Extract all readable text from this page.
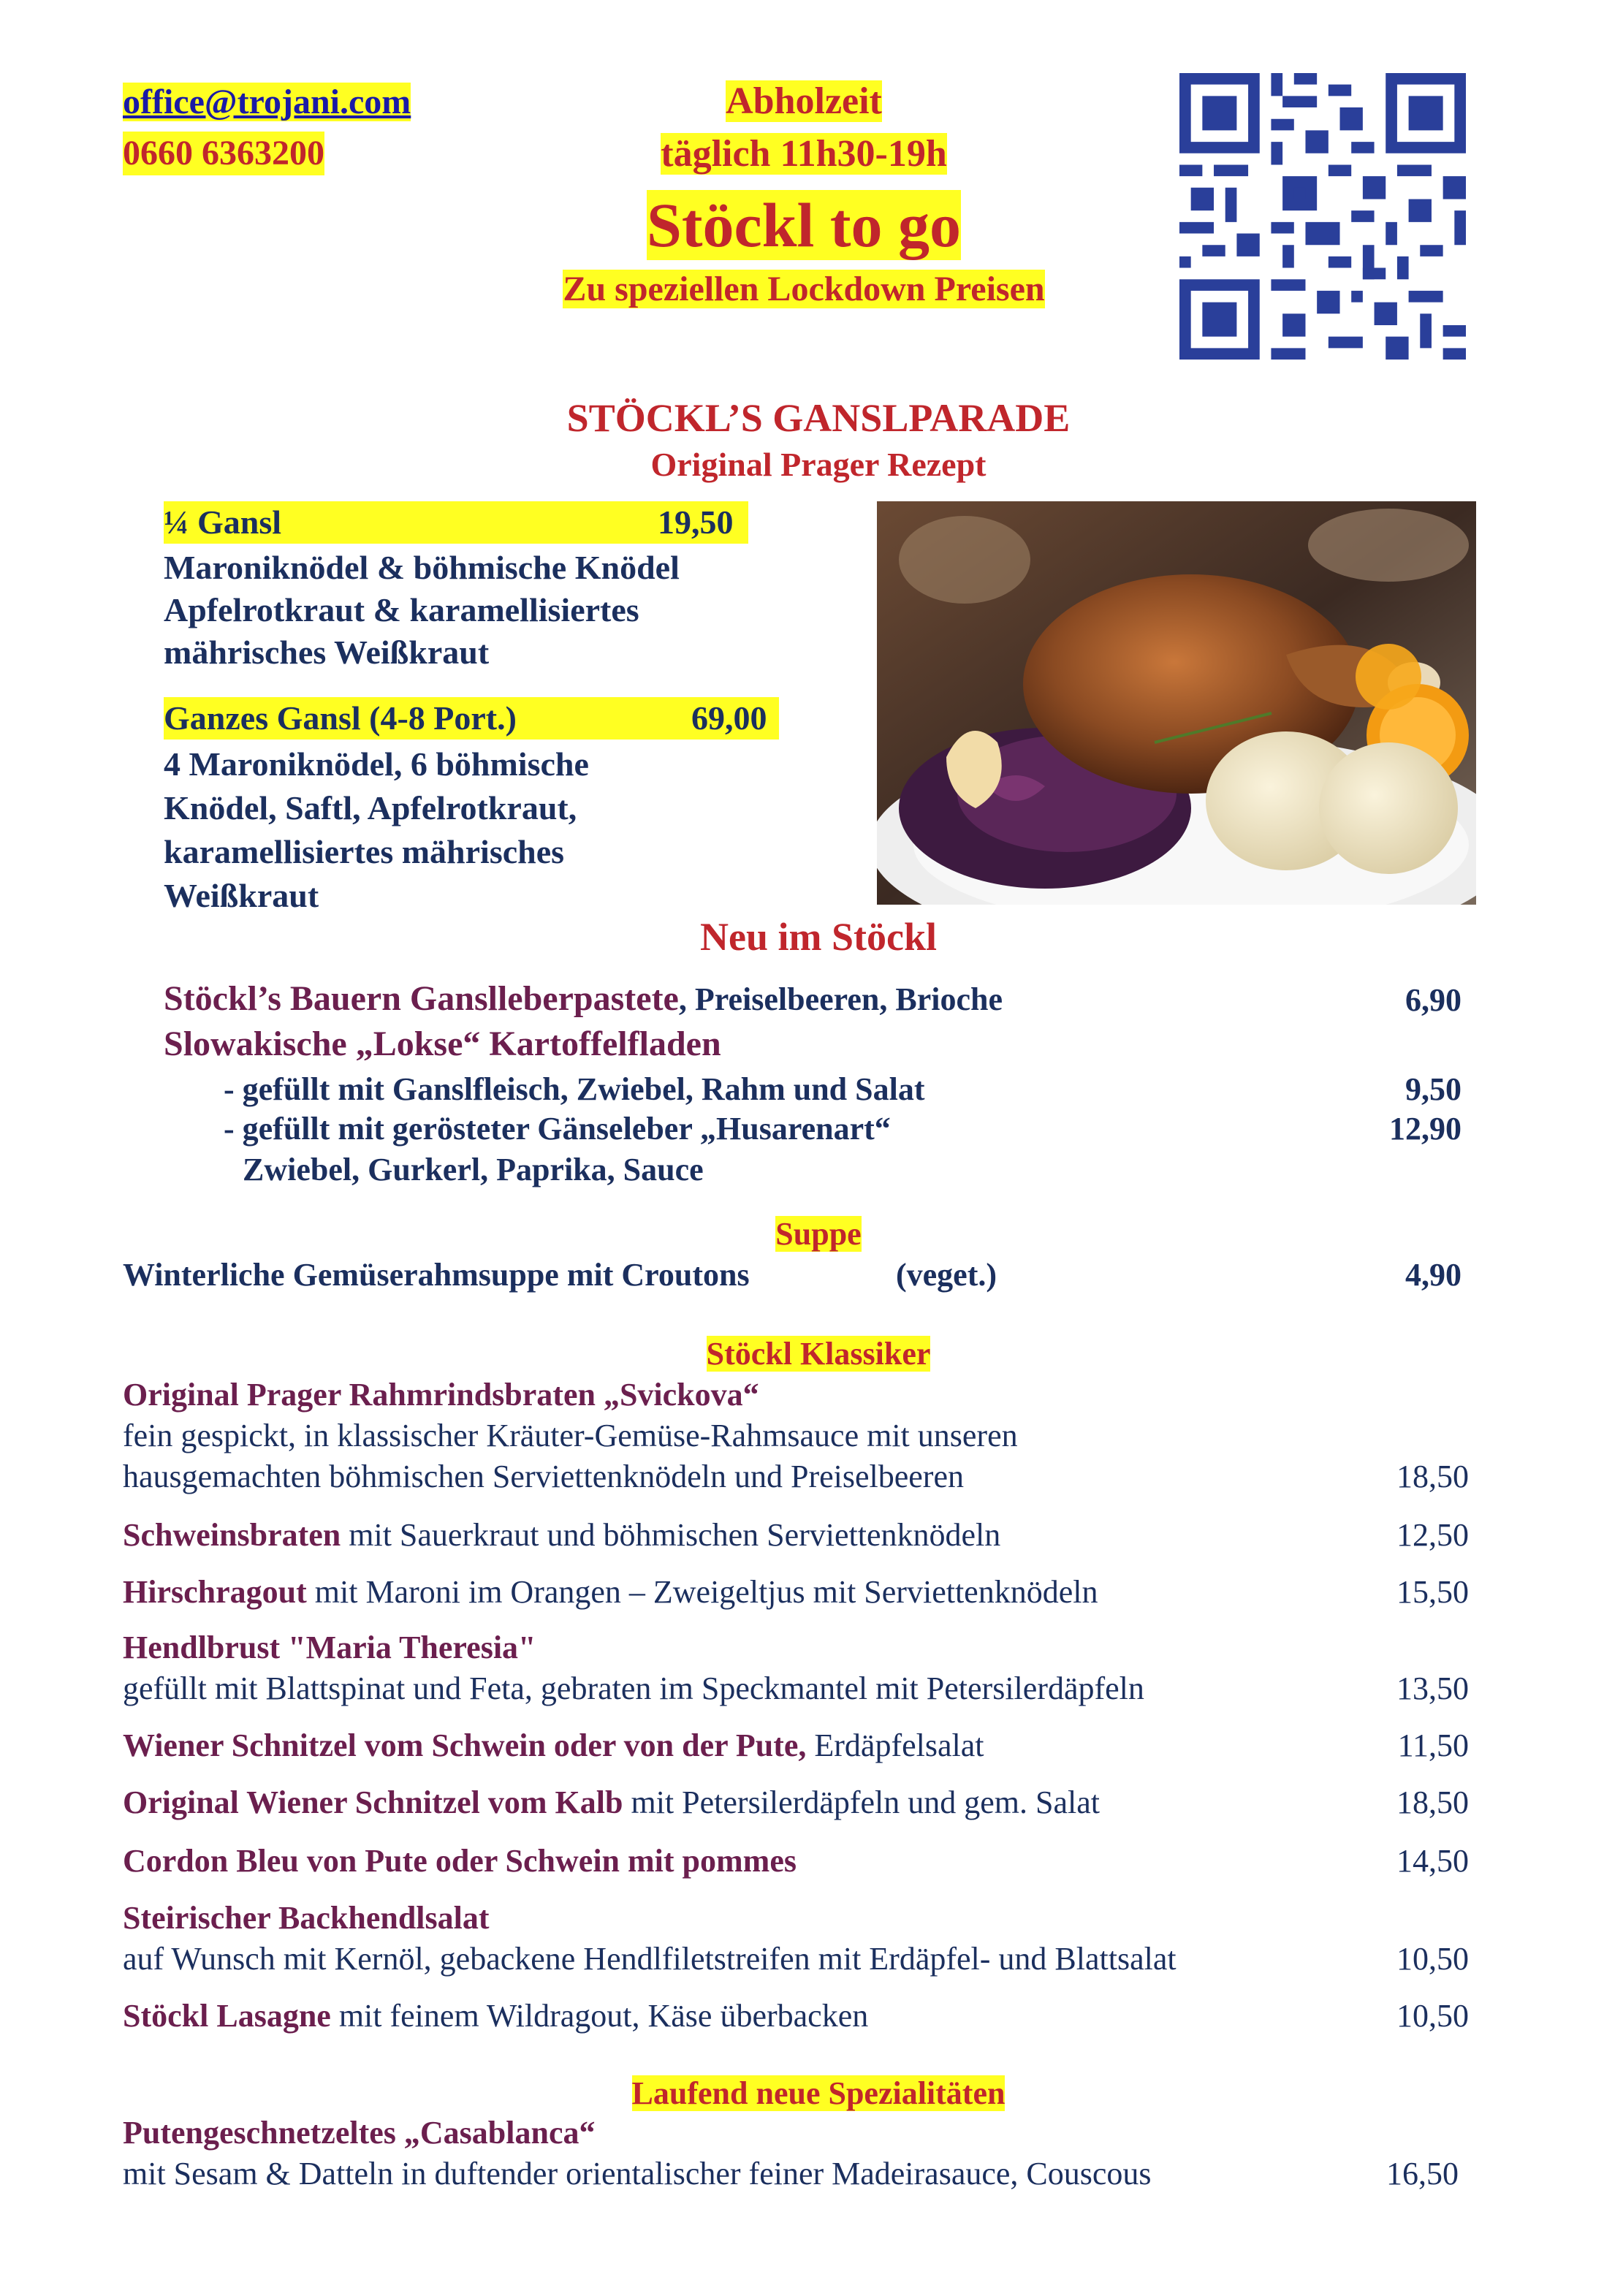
office@trojani.com
0660 6363200
Abholzeit
täglich 11h30-19h
Stöckl to go
Zu speziellen Lockdown Preisen
STÖCKL’S GANSLPARADE
Original Prager Rezept
¼ Gansl	19,50
Maroniknödel & böhmische Knödel
Apfelrotkraut & karamellisiertes
mährisches Weißkraut
Ganzes Gansl (4-8 Port.)	69,00
4 Maroniknödel, 6 böhmische
Knödel, Saftl, Apfelrotkraut,
karamellisiertes mährisches
Weißkraut
Neu im Stöckl
Stöckl’s Bauern Ganslleberpastete, Preiselbeeren, Brioche	6,90
Slowakische „Lokse“ Kartoffelfladen
- gefüllt mit Ganslfleisch, Zwiebel, Rahm und Salat	9,50
- gefüllt mit gerösteter Gänseleber „Husarenart“	12,90
Zwiebel, Gurkerl, Paprika, Sauce
Suppe
Winterliche Gemüserahmsuppe mit Croutons	(veget.)	4,90
Stöckl Klassiker
Original Prager Rahmrindsbraten „Svickova“
fein gespickt, in klassischer Kräuter-Gemüse-Rahmsauce mit unseren
hausgemachten böhmischen Serviettenknödeln und Preiselbeeren	18,50
Schweinsbraten mit Sauerkraut und böhmischen Serviettenknödeln	12,50
Hirschragout mit Maroni im Orangen – Zweigeltjus mit Serviettenknödeln	15,50
Hendlbrust "Maria Theresia"
gefüllt mit Blattspinat und Feta, gebraten im Speckmantel mit Petersilerdäpfeln	13,50
Wiener Schnitzel vom Schwein oder von der Pute, Erdäpfelsalat	11,50
Original Wiener Schnitzel vom Kalb mit Petersilerdäpfeln und gem. Salat	18,50
Cordon Bleu von Pute oder Schwein mit pommes	14,50
Steirischer Backhendlsalat
auf Wunsch mit Kernöl, gebackene Hendlfiletstreifen mit Erdäpfel- und Blattsalat	10,50
Stöckl Lasagne mit feinem Wildragout, Käse überbacken	10,50
Laufend neue Spezialitäten
Putengeschnetzeltes „Casablanca“
mit Sesam & Datteln in duftender orientalischer feiner Madeirasauce, Couscous	16,50
